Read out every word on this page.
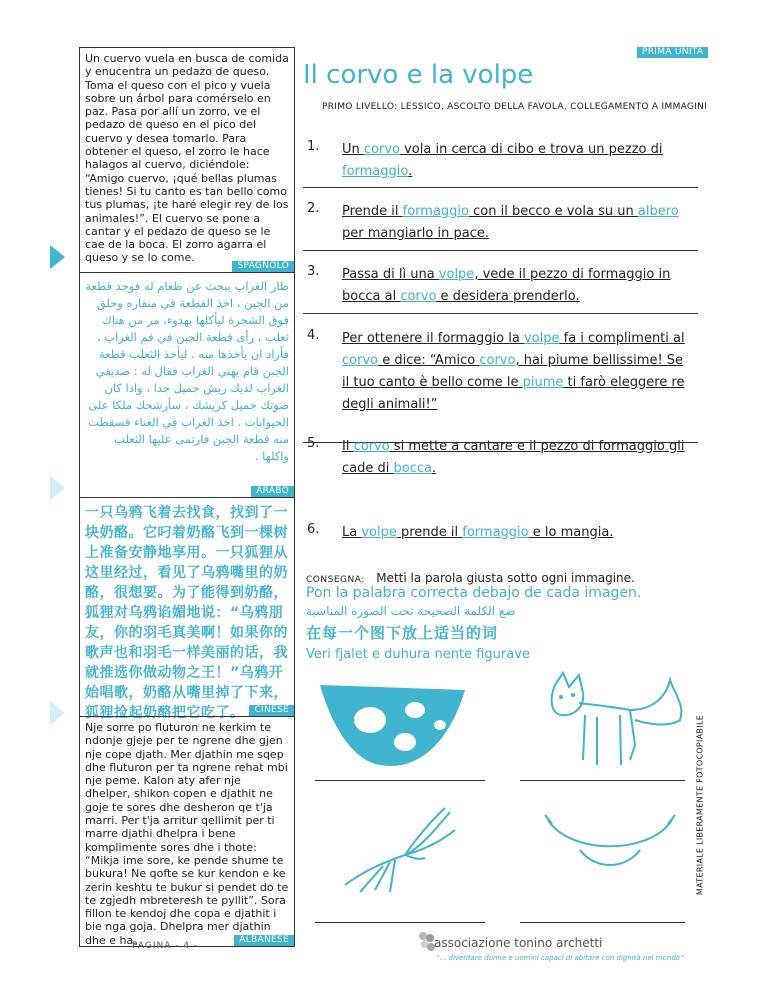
Un cuervo vuela en busca de comida y enucentra un pedazo de queso. Toma el queso con el pico y vuela sobre un árbol para comérselo en paz. Pasa por allí un zorro, ve el pedazo de queso en el pico del cuervo y desea tomarlo. Para obtener el queso, el zorro le hace halagos al cuervo, diciéndole: “Amigo cuervo, ¡qué bellas plumas tienes! Si tu canto es tan bello como tus plumas, ¡te haré elegir rey de los animales!”. El cuervo se pone a cantar y el pedazo de queso se le cae de la boca. El zorro agarra el queso y se lo come.
SPAGNOLO
طار الغراب يبحث عن طعام له فوجد قطعة من الجبن ، اخذ القطعة في منقاره وحلق فوق الشجرة ليأكلها بهدوء، مر من هناك ثعلب ، رأى قطعة الجبن في فم الغراب ، فأراد ان يأخذها منه . ليأخذ الثعلب قطعة الجبن قام يهني الغراب فقال له : صديقي الغراب لديك ريش جميل جدا ، واذا كان صوتك جميل كريشك ، سأرشحك ملكا على الحيوانات . اخذ الغراب في الغناء فسقطت منه قطعة الجبن فارتمى عليها الثعلب واكلها .
ARABO
一只乌鸦飞着去找食，找到了一块奶酪。它叼着奶酪飞到一棵树上准备安静地享用。一只狐狸从这里经过，看见了乌鸦嘴里的奶酪，很想要。为了能得到奶酪，狐狸对乌鸦谄媚地说：“乌鸦朋友，你的羽毛真美啊！如果你的歌声也和羽毛一样美丽的话，我就推选你做动物之王！”乌鸦开始唱歌，奶酪从嘴里掉了下来，狐狸捡起奶酪把它吃了。	CINESE
Nje sorre po fluturon ne kerkim te ndonje gjeje per te ngrene dhe gjen nje cope djath. Mer djathin me sqep dhe fluturon per ta ngrene rehat mbi nje peme. Kalon aty afer nje dhelper, shikon copen e djathit ne goje te sores dhe desheron qe t'ja marri. Per t'ja arritur qellimit per ti marre djathi dhelpra i bene komplimente sores dhe i thote: “Mikja ime sore, ke pende shume te bukura! Ne qofte se kur kendon e ke zerin keshtu te bukur si pendet do te te zgjedh mbreteresh te pyllit”. Sora fillon te kendoj dhe copa e djathit i bie nga goja. Dhelpra mer djathin dhe e ha.	ALBANESE
PAGINA - 4 -
PRIMA UNITÀ
Il corvo e la volpe
PRIMO LIVELLO: LESSICO, ASCOLTO DELLA FAVOLA, COLLEGAMENTO A IMMAGINI
1. Un corvo vola in cerca di cibo e trova un pezzo di formaggio.
2. Prende il formaggio con il becco e vola su un albero per mangiarlo in pace.
3. Passa di lì una volpe, vede il pezzo di formaggio in bocca al corvo e desidera prenderlo.
4. Per ottenere il formaggio la volpe fa i complimenti al corvo e dice: “Amico corvo, hai piume bellissime! Se il tuo canto è bello come le piume ti farò eleggere re degli animali!”
5. Il corvo si mette a cantare e il pezzo di formaggio gli cade di bocca.
6. La volpe prende il formaggio e lo mangia.
CONSEGNA: Metti la parola giusta sotto ogni immagine.
Pon la palabra correcta debajo de cada imagen.
ضع الكلمة الصحيحة تحت الصورة المناسبة
在每一个图下放上适当的词
Veri fjalet e duhura nente figurave
MATERIALE LIBERAMENTE FOTOCOPIABILE
associazione tonino archetti
“... diventare donne e uomini capaci di abitare con dignità nel mondo”
